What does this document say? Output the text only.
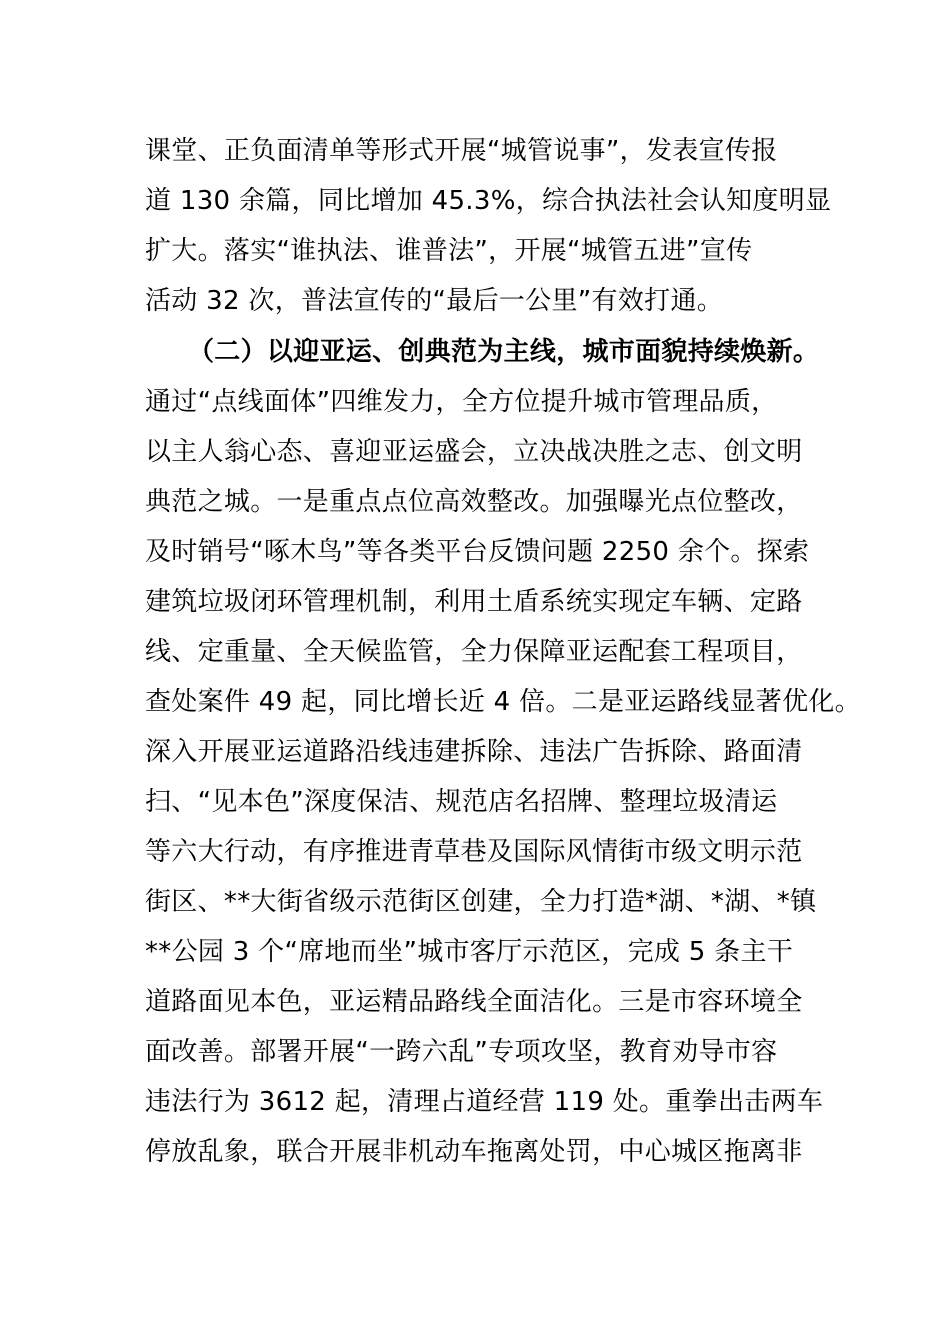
课堂、正负面清单等形式开展“城管说事”，发表宣传报
道 130 余篇，同比增加 45.3%，综合执法社会认知度明显
扩大。落实“谁执法、谁普法”，开展“城管五进”宣传
活动 32 次，普法宣传的“最后一公里”有效打通。
（二）以迎亚运、创典范为主线，城市面貌持续焕新。
通过“点线面体”四维发力，全方位提升城市管理品质，
以主人翁心态、喜迎亚运盛会，立决战决胜之志、创文明
典范之城。一是重点点位高效整改。加强曝光点位整改，
及时销号“啄木鸟”等各类平台反馈问题 2250 余个。探索
建筑垃圾闭环管理机制，利用土盾系统实现定车辆、定路
线、定重量、全天候监管，全力保障亚运配套工程项目，
查处案件 49 起，同比增长近 4 倍。二是亚运路线显著优化。
深入开展亚运道路沿线违建拆除、违法广告拆除、路面清
扫、“见本色”深度保洁、规范店名招牌、整理垃圾清运
等六大行动，有序推进青草巷及国际风情街市级文明示范
街区、**大街省级示范街区创建，全力打造*湖、*湖、*镇
**公园 3 个“席地而坐”城市客厅示范区，完成 5 条主干
道路面见本色，亚运精品路线全面洁化。三是市容环境全
面改善。部署开展“一跨六乱”专项攻坚，教育劝导市容
违法行为 3612 起，清理占道经营 119 处。重拳出击两车
停放乱象，联合开展非机动车拖离处罚，中心城区拖离非
